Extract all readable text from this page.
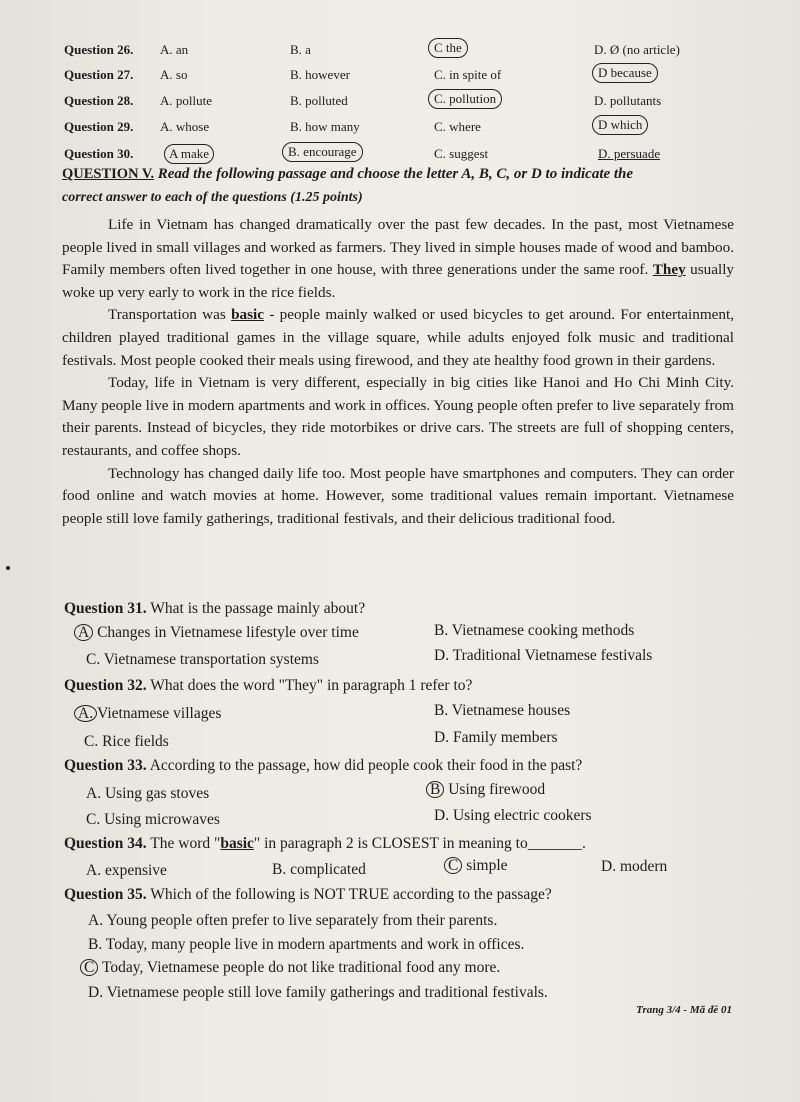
Question 26. A. an	B. a	C the	D. Ø (no article)
Question 27. A. so	B. however	C. in spite of	D because
Question 28. A. pollute	B. polluted	C. pollution	D. pollutants
Question 29. A. whose	B. how many	C. where	D which
Question 30.	A make	B. encourage	C. suggest	D. persuade
QUESTION V. Read the following passage and choose the letter A, B, C, or D to indicate the
correct answer to each of the questions (1.25 points)

Life in Vietnam has changed dramatically over the past few decades. In the past, most Vietnamese people lived in small villages and worked as farmers. They lived in simple houses made of wood and bamboo. Family members often lived together in one house, with three generations under the same roof. They usually woke up very early to work in the rice fields.

Transportation was basic - people mainly walked or used bicycles to get around. For entertainment, children played traditional games in the village square, while adults enjoyed folk music and traditional festivals. Most people cooked their meals using firewood, and they ate healthy food grown in their gardens.

Today, life in Vietnam is very different, especially in big cities like Hanoi and Ho Chi Minh City. Many people live in modern apartments and work in offices. Young people often prefer to live separately from their parents. Instead of bicycles, they ride motorbikes or drive cars. The streets are full of shopping centers, restaurants, and coffee shops.

Technology has changed daily life too. Most people have smartphones and computers. They can order food online and watch movies at home. However, some traditional values remain important. Vietnamese people still love family gatherings, traditional festivals, and their delicious traditional food.

Question 31. What is the passage mainly about?
A Changes in Vietnamese lifestyle over time	B. Vietnamese cooking methods
C. Vietnamese transportation systems	D. Traditional Vietnamese festivals
Question 32. What does the word "They" in paragraph 1 refer to?
A. Vietnamese villages	B. Vietnamese houses
C. Rice fields	D. Family members
Question 33. According to the passage, how did people cook their food in the past?
A. Using gas stoves	B Using firewood
C. Using microwaves	D. Using electric cookers
Question 34. The word "basic" in paragraph 2 is CLOSEST in meaning to_______.
A. expensive	B. complicated	C simple	D. modern
Question 35. Which of the following is NOT TRUE according to the passage?
A. Young people often prefer to live separately from their parents.
B. Today, many people live in modern apartments and work in offices.
C Today, Vietnamese people do not like traditional food any more.
D. Vietnamese people still love family gatherings and traditional festivals.
Trang 3/4 - Mã đề 01
